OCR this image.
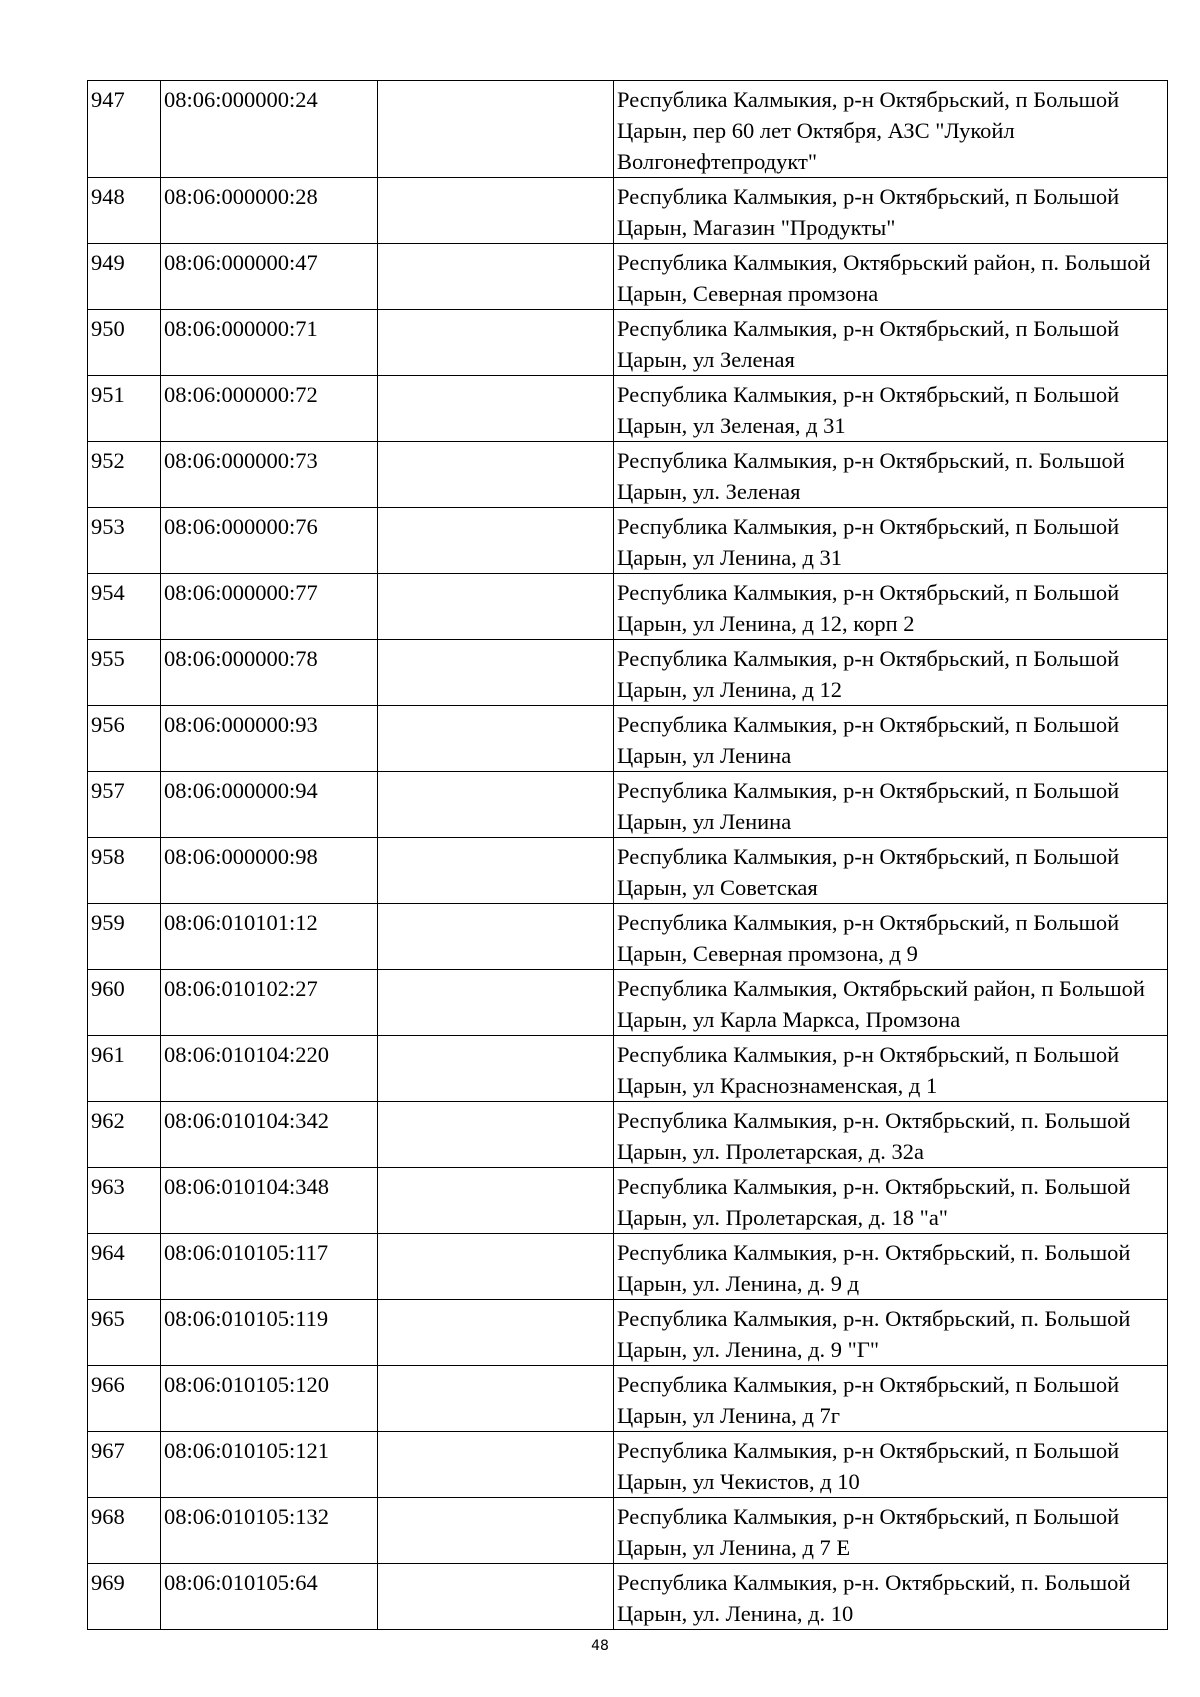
947	08:06:000000:24		Республика Калмыкия, р-н Октябрьский, п Большой Царын, пер 60 лет Октября, АЗС "Лукойл Волгонефтепродукт"
948	08:06:000000:28		Республика Калмыкия, р-н Октябрьский, п Большой Царын, Магазин "Продукты"
949	08:06:000000:47		Республика Калмыкия, Октябрьский район, п. Большой Царын, Северная промзона
950	08:06:000000:71		Республика Калмыкия, р-н Октябрьский, п Большой Царын, ул Зеленая
951	08:06:000000:72		Республика Калмыкия, р-н Октябрьский, п Большой Царын, ул Зеленая, д 31
952	08:06:000000:73		Республика Калмыкия, р-н Октябрьский, п. Большой Царын, ул. Зеленая
953	08:06:000000:76		Республика Калмыкия, р-н Октябрьский, п Большой Царын, ул Ленина, д 31
954	08:06:000000:77		Республика Калмыкия, р-н Октябрьский, п Большой Царын, ул Ленина, д 12, корп 2
955	08:06:000000:78		Республика Калмыкия, р-н Октябрьский, п Большой Царын, ул Ленина, д 12
956	08:06:000000:93		Республика Калмыкия, р-н Октябрьский, п Большой Царын, ул Ленина
957	08:06:000000:94		Республика Калмыкия, р-н Октябрьский, п Большой Царын, ул Ленина
958	08:06:000000:98		Республика Калмыкия, р-н Октябрьский, п Большой Царын, ул Советская
959	08:06:010101:12		Республика Калмыкия, р-н Октябрьский, п Большой Царын, Северная промзона, д 9
960	08:06:010102:27		Республика Калмыкия, Октябрьский район, п Большой Царын, ул Карла Маркса, Промзона
961	08:06:010104:220		Республика Калмыкия, р-н Октябрьский, п Большой Царын, ул Краснознаменская, д 1
962	08:06:010104:342		Республика Калмыкия, р-н. Октябрьский, п. Большой Царын, ул. Пролетарская, д. 32а
963	08:06:010104:348		Республика Калмыкия, р-н. Октябрьский, п. Большой Царын, ул. Пролетарская, д. 18 "а"
964	08:06:010105:117		Республика Калмыкия, р-н. Октябрьский, п. Большой Царын, ул. Ленина, д. 9 д
965	08:06:010105:119		Республика Калмыкия, р-н. Октябрьский, п. Большой Царын, ул. Ленина, д. 9 "Г"
966	08:06:010105:120		Республика Калмыкия, р-н Октябрьский, п Большой Царын, ул Ленина, д 7г
967	08:06:010105:121		Республика Калмыкия, р-н Октябрьский, п Большой Царын, ул Чекистов, д 10
968	08:06:010105:132		Республика Калмыкия, р-н Октябрьский, п Большой Царын, ул Ленина, д 7 Е
969	08:06:010105:64		Республика Калмыкия, р-н. Октябрьский, п. Большой Царын, ул. Ленина, д. 10
48
